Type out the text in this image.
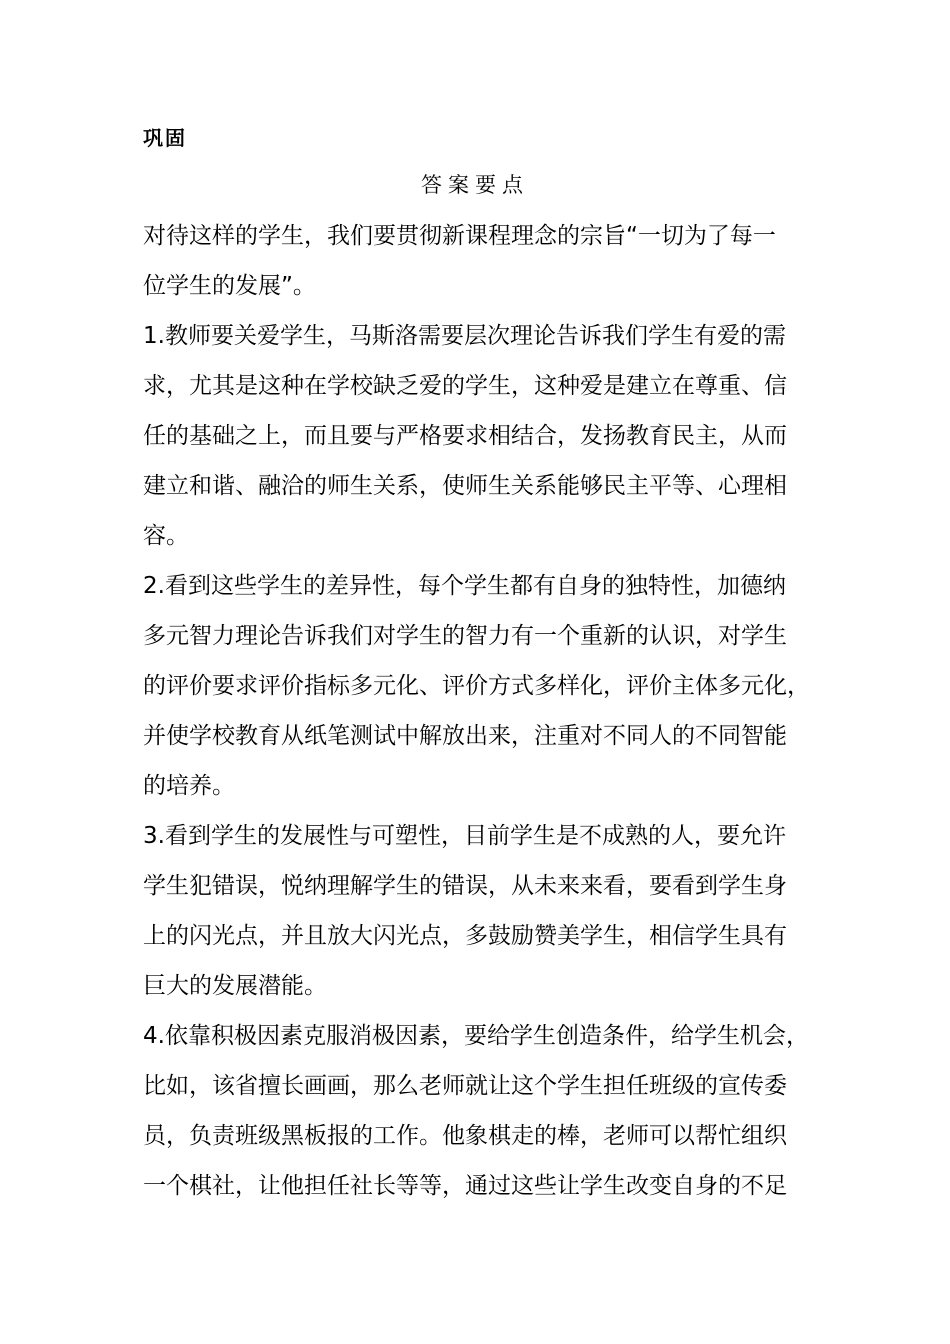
巩固
答案要点
对待这样的学生，我们要贯彻新课程理念的宗旨“一切为了每一
位学生的发展”。
1.教师要关爱学生，马斯洛需要层次理论告诉我们学生有爱的需
求，尤其是这种在学校缺乏爱的学生，这种爱是建立在尊重、信
任的基础之上，而且要与严格要求相结合，发扬教育民主，从而
建立和谐、融洽的师生关系，使师生关系能够民主平等、心理相
容。
2.看到这些学生的差异性，每个学生都有自身的独特性，加德纳
多元智力理论告诉我们对学生的智力有一个重新的认识，对学生
的评价要求评价指标多元化、评价方式多样化，评价主体多元化，
并使学校教育从纸笔测试中解放出来，注重对不同人的不同智能
的培养。
3.看到学生的发展性与可塑性，目前学生是不成熟的人，要允许
学生犯错误，悦纳理解学生的错误，从未来来看，要看到学生身
上的闪光点，并且放大闪光点，多鼓励赞美学生，相信学生具有
巨大的发展潜能。
4.依靠积极因素克服消极因素，要给学生创造条件，给学生机会，
比如，该省擅长画画，那么老师就让这个学生担任班级的宣传委
员，负责班级黑板报的工作。他象棋走的棒，老师可以帮忙组织
一个棋社，让他担任社长等等，通过这些让学生改变自身的不足
